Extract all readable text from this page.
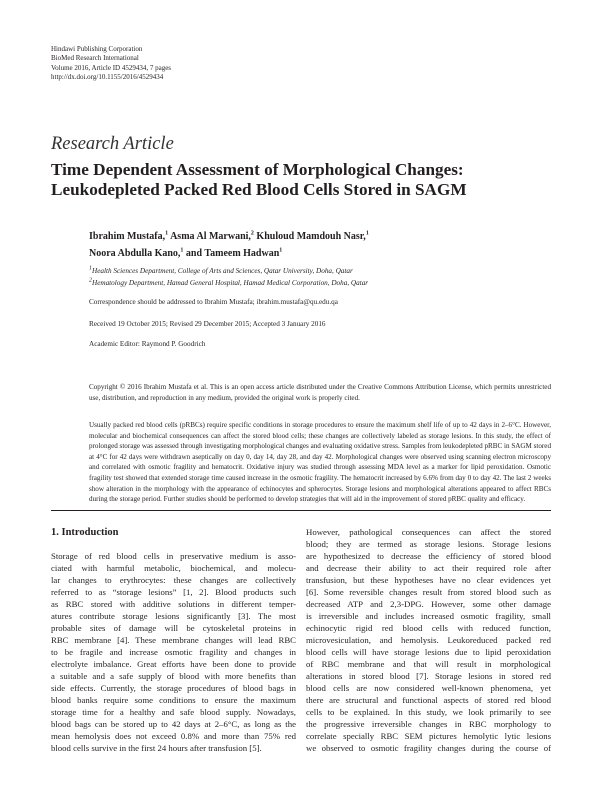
Hindawi Publishing Corporation
BioMed Research International
Volume 2016, Article ID 4529434, 7 pages
http://dx.doi.org/10.1155/2016/4529434
Research Article
Time Dependent Assessment of Morphological Changes:
Leukodepleted Packed Red Blood Cells Stored in SAGM
Ibrahim Mustafa,$^1$ Asma Al Marwani,$^2$ Khuloud Mamdouh Nasr,$^1$
Noora Abdulla Kano,$^1$ and Tameem Hadwan$^1$
$^1$Health Sciences Department, College of Arts and Sciences, Qatar University, Doha, Qatar
$^2$Hematology Department, Hamad General Hospital, Hamad Medical Corporation, Doha, Qatar
Correspondence should be addressed to Ibrahim Mustafa; ibrahim.mustafa@qu.edu.qa
Received 19 October 2015; Revised 29 December 2015; Accepted 3 January 2016
Academic Editor: Raymond P. Goodrich
Copyright © 2016 Ibrahim Mustafa et al. This is an open access article distributed under the Creative Commons Attribution License, which permits unrestricted use, distribution, and reproduction in any medium, provided the original work is properly cited.
Usually packed red blood cells (pRBCs) require specific conditions in storage procedures to ensure the maximum shelf life of up to 42 days in 2–6°C. However, molecular and biochemical consequences can affect the stored blood cells; these changes are collectively labeled as storage lesions. In this study, the effect of prolonged storage was assessed through investigating morphological changes and evaluating oxidative stress. Samples from leukodepleted pRBC in SAGM stored at 4°C for 42 days were withdrawn aseptically on day 0, day 14, day 28, and day 42. Morphological changes were observed using scanning electron microscopy and correlated with osmotic fragility and hematocrit. Oxidative injury was studied through assessing MDA level as a marker for lipid peroxidation. Osmotic fragility test showed that extended storage time caused increase in the osmotic fragility. The hematocrit increased by 6.6% from day 0 to day 42. The last 2 weeks show alteration in the morphology with the appearance of echinocytes and spherocytes. Storage lesions and morphological alterations appeared to affect RBCs during the storage period. Further studies should be performed to develop strategies that will aid in the improvement of stored pRBC quality and efficacy.
1. Introduction
Storage of red blood cells in preservative medium is asso-
ciated with harmful metabolic, biochemical, and molecu-
lar changes to erythrocytes: these changes are collectively
referred to as “storage lesions” [1, 2]. Blood products such
as RBC stored with additive solutions in different temper-
atures contribute storage lesions significantly [3]. The most
probable sites of damage will be cytoskeletal proteins in
RBC membrane [4]. These membrane changes will lead RBC
to be fragile and increase osmotic fragility and changes in
electrolyte imbalance. Great efforts have been done to provide
a suitable and a safe supply of blood with more benefits than
side effects. Currently, the storage procedures of blood bags in
blood banks require some conditions to ensure the maximum
storage time for a healthy and safe blood supply. Nowadays,
blood bags can be stored up to 42 days at 2–6°C, as long as the
mean hemolysis does not exceed 0.8% and more than 75% red
blood cells survive in the first 24 hours after transfusion [5].
However, pathological consequences can affect the stored
blood; they are termed as storage lesions. Storage lesions
are hypothesized to decrease the efficiency of stored blood
and decrease their ability to act their required role after
transfusion, but these hypotheses have no clear evidences yet
[6]. Some reversible changes result from stored blood such as
decreased ATP and 2,3-DPG. However, some other damage
is irreversible and includes increased osmotic fragility, small
echinocytic rigid red blood cells with reduced function,
microvesiculation, and hemolysis. Leukoreduced packed red
blood cells will have storage lesions due to lipid peroxidation
of RBC membrane and that will result in morphological
alterations in stored blood [7]. Storage lesions in stored red
blood cells are now considered well-known phenomena, yet
there are structural and functional aspects of stored red blood
cells to be explained. In this study, we look primarily to see
the progressive irreversible changes in RBC morphology to
correlate specially RBC SEM pictures hemolytic lytic lesions
we observed to osmotic fragility changes during the course of
